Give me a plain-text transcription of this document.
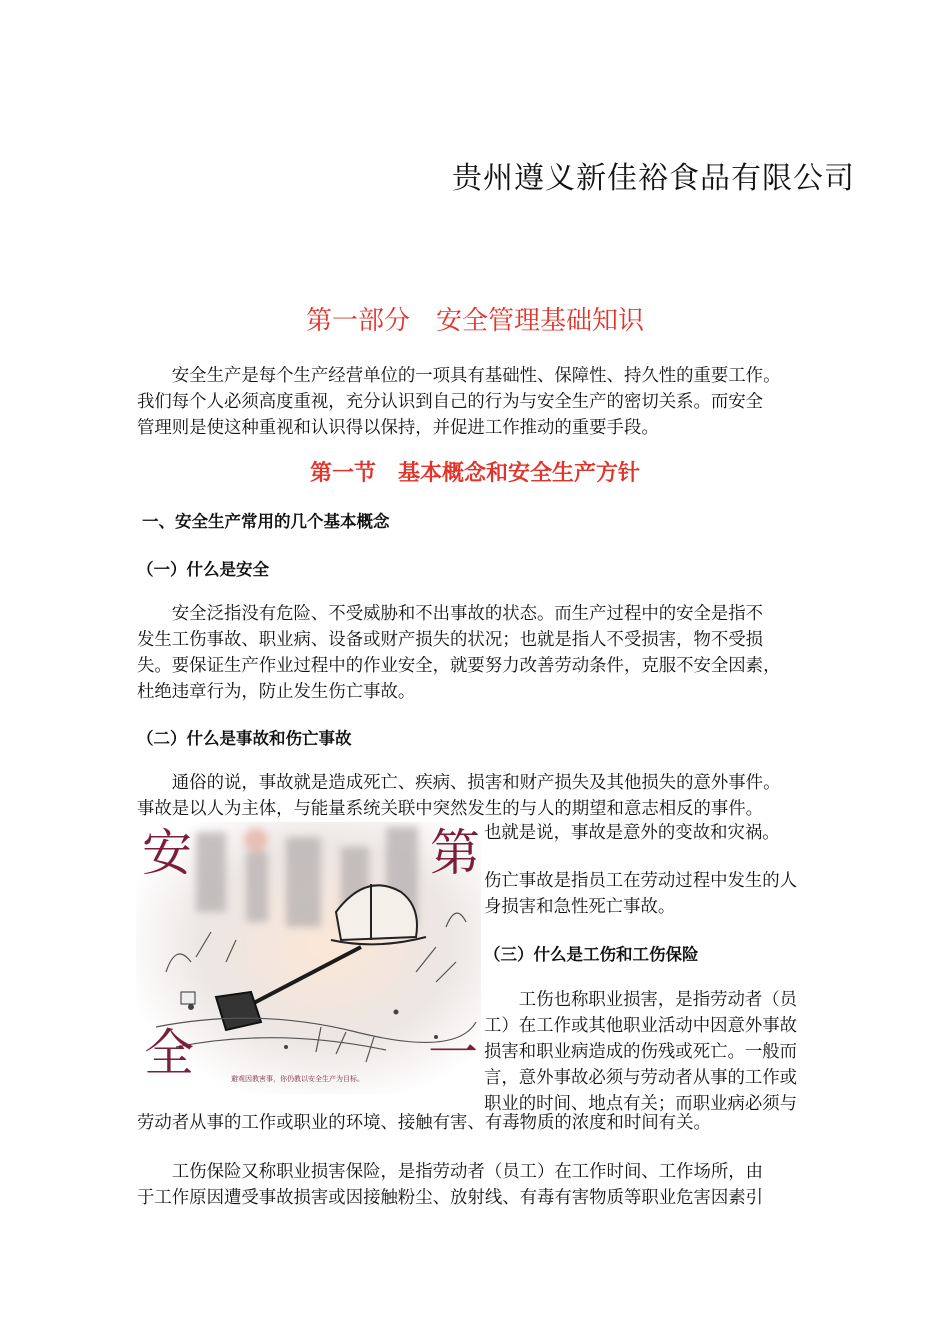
贵州遵义新佳裕食品有限公司
第一部分　安全管理基础知识

　　安全生产是每个生产经营单位的一项具有基础性、保障性、持久性的重要工作。

我们每个人必须高度重视，充分认识到自己的行为与安全生产的密切关系。而安全

管理则是使这种重视和认识得以保持，并促进工作推动的重要手段。

第一节　基本概念和安全生产方针
一、安全生产常用的几个基本概念
（一）什么是安全

　　安全泛指没有危险、不受威胁和不出事故的状态。而生产过程中的安全是指不

发生工伤事故、职业病、设备或财产损失的状况；也就是指人不受损害，物不受损

失。要保证生产作业过程中的作业安全，就要努力改善劳动条件，克服不安全因素，

杜绝违章行为，防止发生伤亡事故。

（二）什么是事故和伤亡事故

　　通俗的说，事故就是造成死亡、疾病、损害和财产损失及其他损失的意外事件。

事故是以人为主体，与能量系统关联中突然发生的与人的期望和意志相反的事件。

安
全
第
一
避观因教害事，你仍教以安全生产为目标。

也就是说，事故是意外的变故和灾祸。

伤亡事故是指员工在劳动过程中发生的人

身损害和急性死亡事故。

（三）什么是工伤和工伤保险

　　工伤也称职业损害，是指劳动者（员

工）在工作或其他职业活动中因意外事故

损害和职业病造成的伤残或死亡。一般而

言，意外事故必须与劳动者从事的工作或

职业的时间、地点有关；而职业病必须与

劳动者从事的工作或职业的环境、接触有害、有毒物质的浓度和时间有关。

　　工伤保险又称职业损害保险，是指劳动者（员工）在工作时间、工作场所，由

于工作原因遭受事故损害或因接触粉尘、放射线、有毒有害物质等职业危害因素引
